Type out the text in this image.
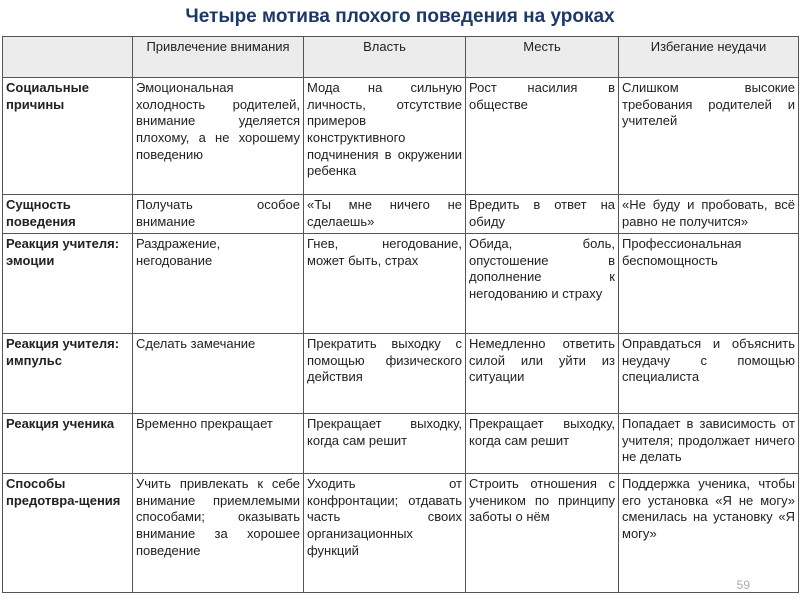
Четыре мотива плохого поведения на уроках
	Привлечение внимания	Власть	Месть	Избегание неудачи
Социальные причины	Эмоциональная холодность родителей, внимание уделяется плохому, а не хорошему поведению	Мода на сильную личность, отсутствие примеров конструктивного подчинения в окружении ребенка	Рост насилия в обществе	Слишком высокие требования родителей и учителей
Сущность поведения	Получать особое внимание	«Ты мне ничего не сделаешь»	Вредить в ответ на обиду	«Не буду и пробовать, всё равно не получится»
Реакция учителя: эмоции	Раздражение, негодование	Гнев, негодование, может быть, страх	Обида, боль, опустошение в дополнение к негодованию и страху	Профессиональная беспомощность
Реакция учителя: импульс	Сделать замечание	Прекратить выходку с помощью физического действия	Немедленно ответить силой или уйти из ситуации	Оправдаться и объяснить неудачу с помощью специалиста
Реакция ученика	Временно прекращает	Прекращает выходку, когда сам решит	Прекращает выходку, когда сам решит	Попадает в зависимость от учителя; продолжает ничего не делать
Способы предотвра-щения	Учить привлекать к себе внимание приемлемыми способами; оказывать внимание за хорошее поведение	Уходить от конфронтации; отдавать часть своих организационных функций	Строить отношения с учеником по принципу заботы о нём	Поддержка ученика, чтобы его установка «Я не могу» сменилась на установку «Я могу»
59
